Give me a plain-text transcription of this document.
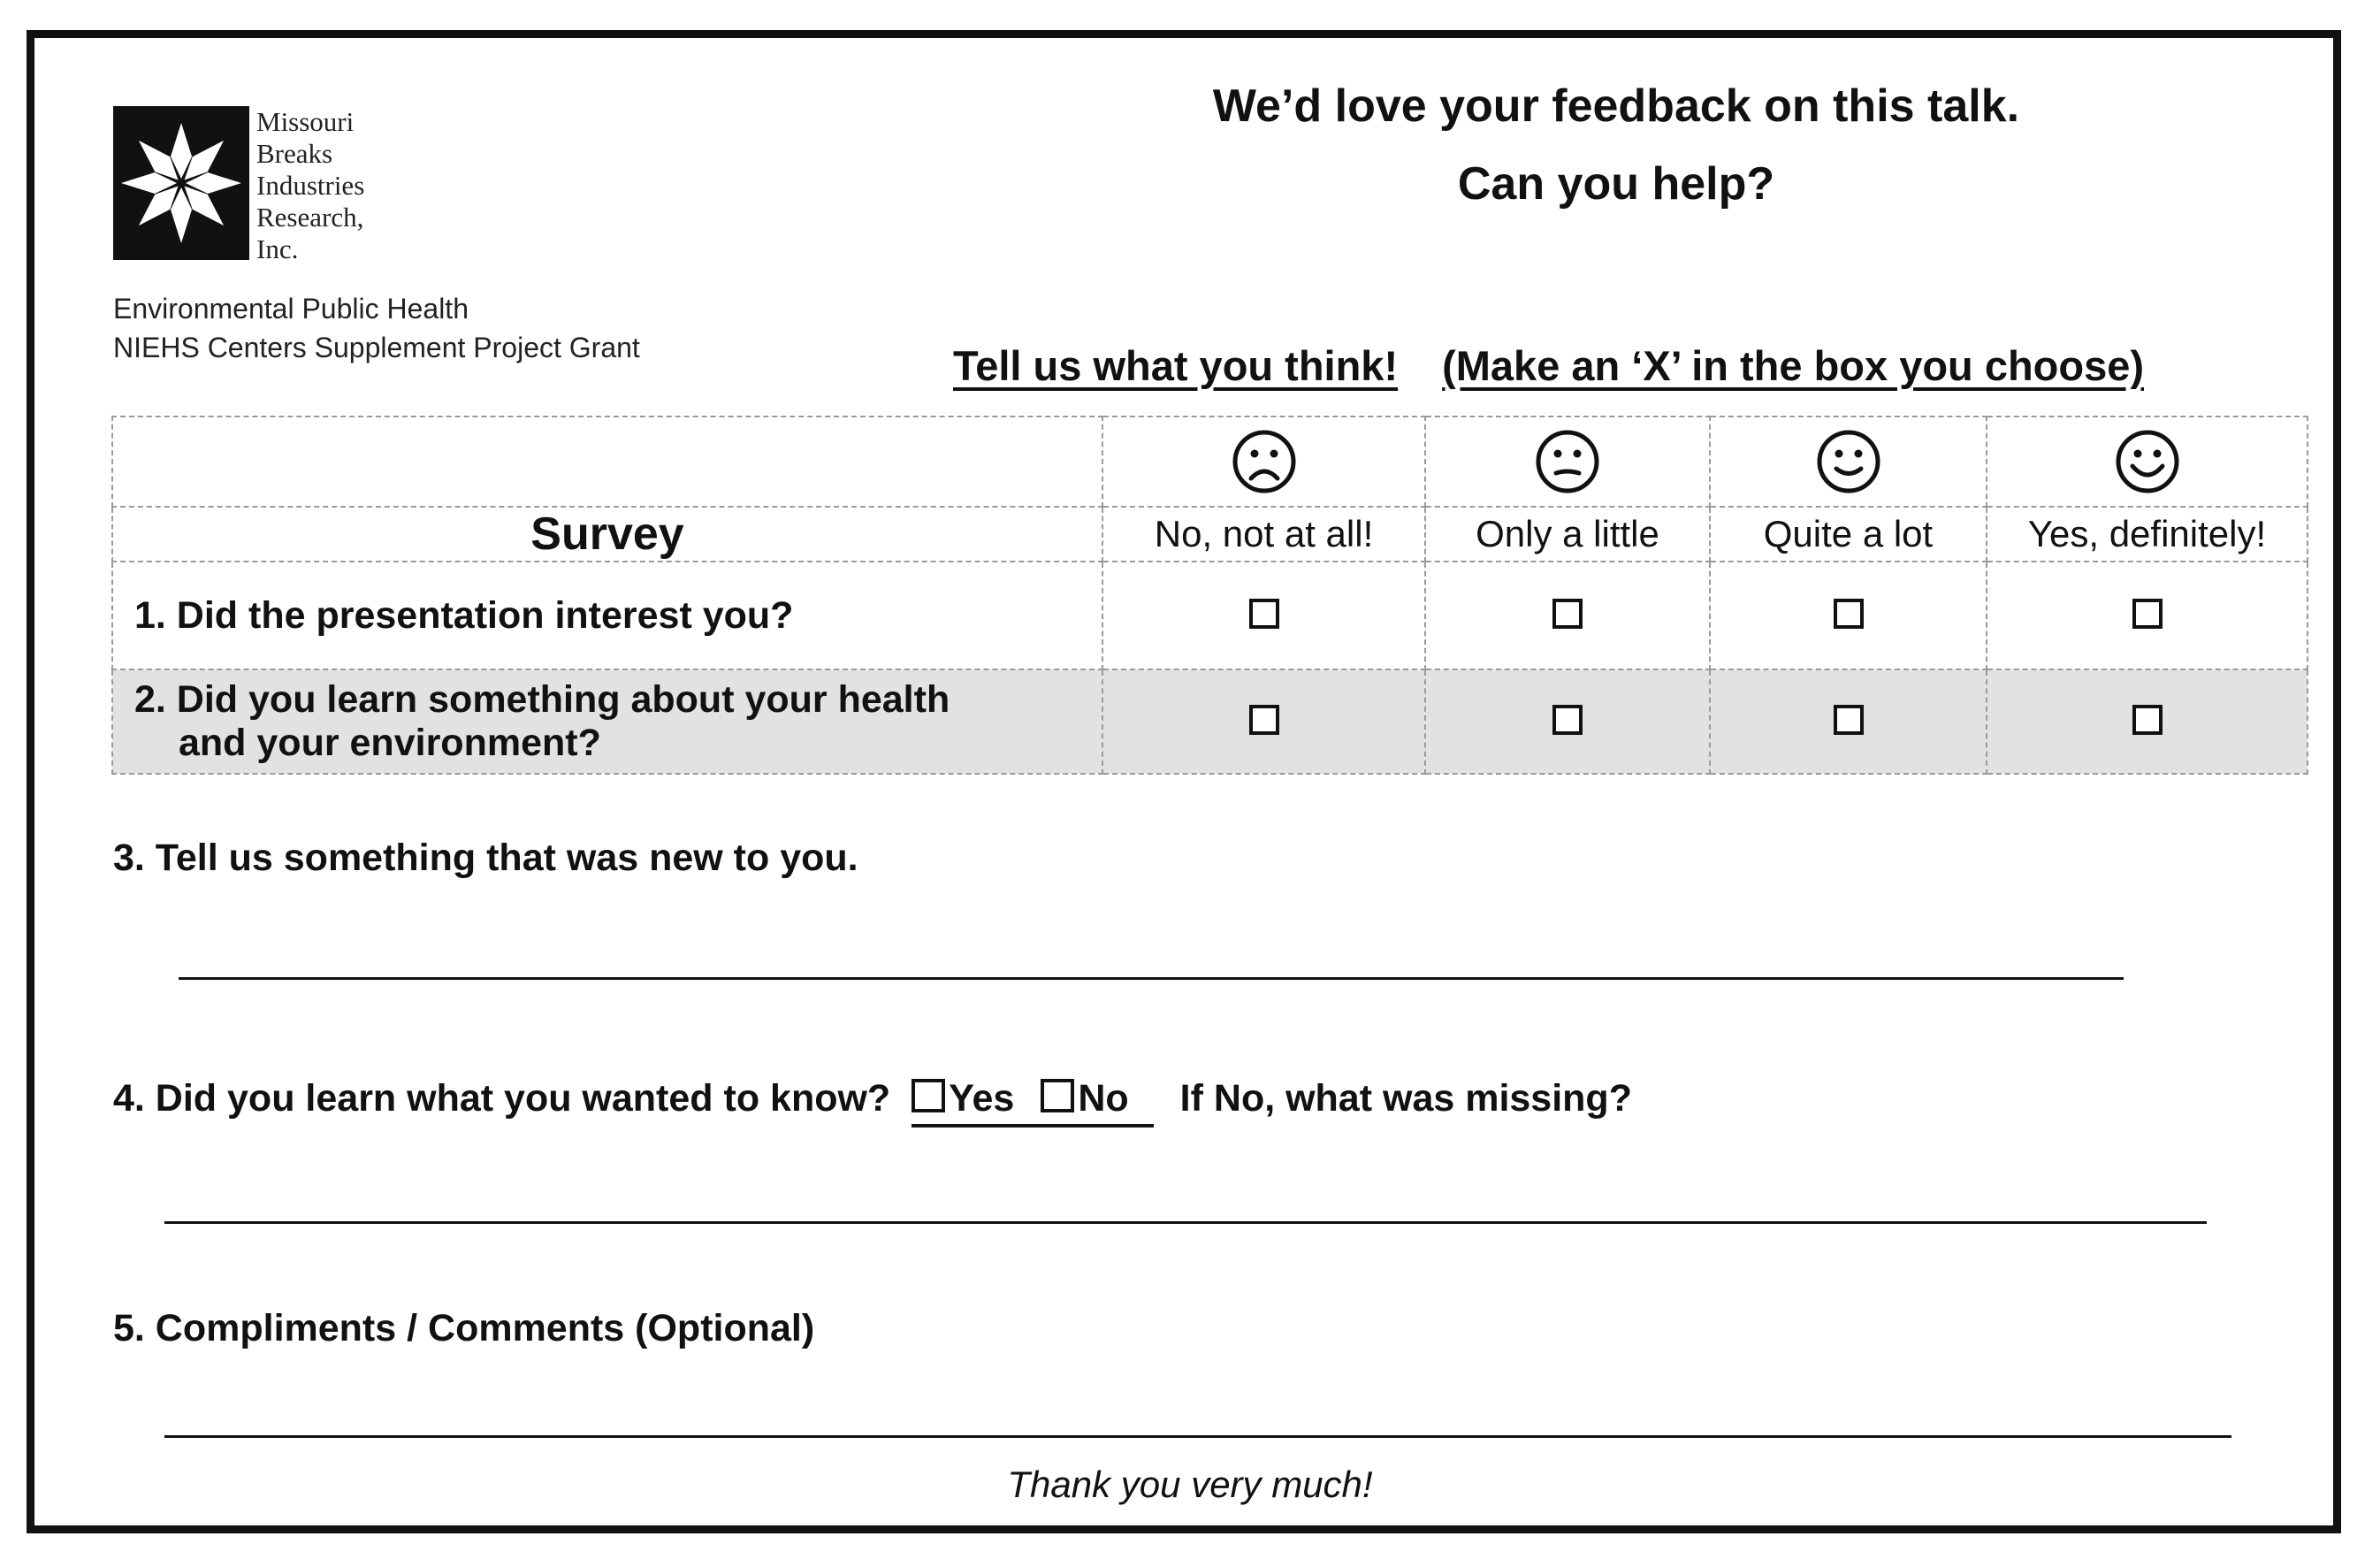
Missouri
Breaks
Industries
Research,
Inc.
Environmental Public Health
NIEHS Centers Supplement Project Grant
We’d love your feedback on this talk.
Can you help?
Tell us what you think! (Make an ‘X’ in the box you choose)

Survey	No, not at all!	Only a little	Quite a lot	Yes, definitely!

1. Did the presentation interest you?				

2. Did you learn something about your health
and your environment?				

3. Tell us something that was new to you.
4. Did you learn what you wanted to know? Yes No If No, what was missing?
5. Compliments / Comments (Optional)
Thank you very much!
